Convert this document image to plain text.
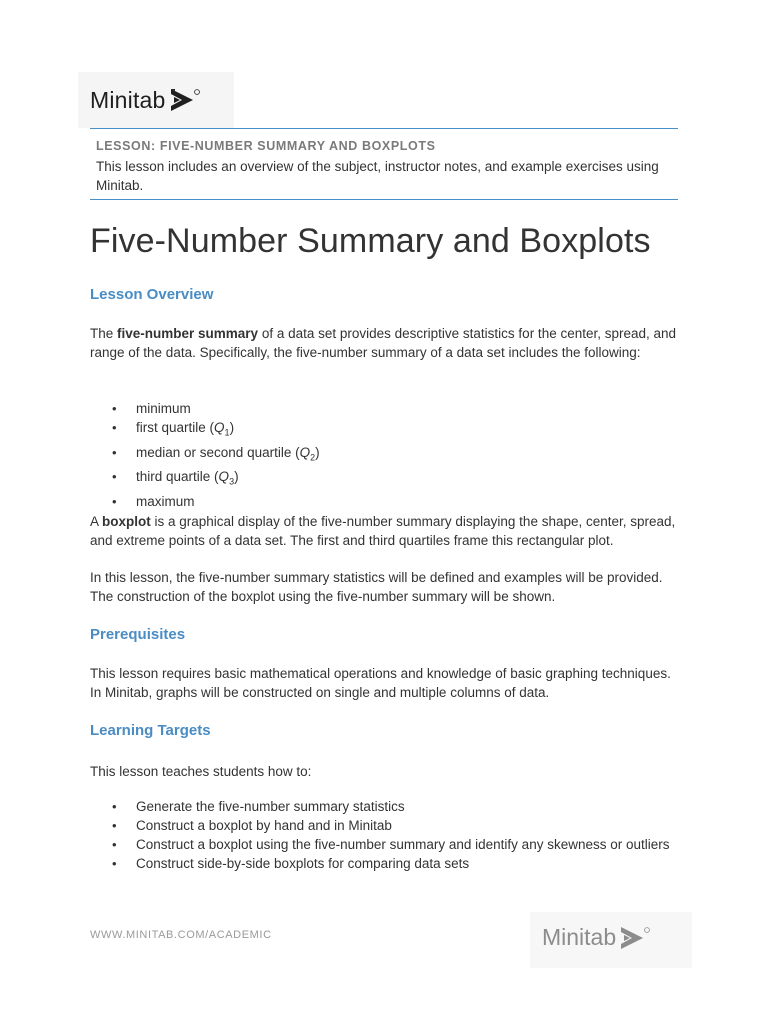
Minitab
LESSON: FIVE-NUMBER SUMMARY AND BOXPLOTS
This lesson includes an overview of the subject, instructor notes, and example exercises using Minitab.
Five-Number Summary and Boxplots
Lesson Overview
The five-number summary of a data set provides descriptive statistics for the center, spread, and range of the data. Specifically, the five-number summary of a data set includes the following:
• minimum
• first quartile $(Q_1)$
• median or second quartile $(Q_2)$
• third quartile $(Q_3)$
• maximum
A boxplot is a graphical display of the five-number summary displaying the shape, center, spread, and extreme points of a data set. The first and third quartiles frame this rectangular plot.
In this lesson, the five-number summary statistics will be defined and examples will be provided. The construction of the boxplot using the five-number summary will be shown.
Prerequisites
This lesson requires basic mathematical operations and knowledge of basic graphing techniques. In Minitab, graphs will be constructed on single and multiple columns of data.
Learning Targets
This lesson teaches students how to:
• Generate the five-number summary statistics
• Construct a boxplot by hand and in Minitab
• Construct a boxplot using the five-number summary and identify any skewness or outliers
• Construct side-by-side boxplots for comparing data sets
WWW.MINITAB.COM/ACADEMIC	Minitab
